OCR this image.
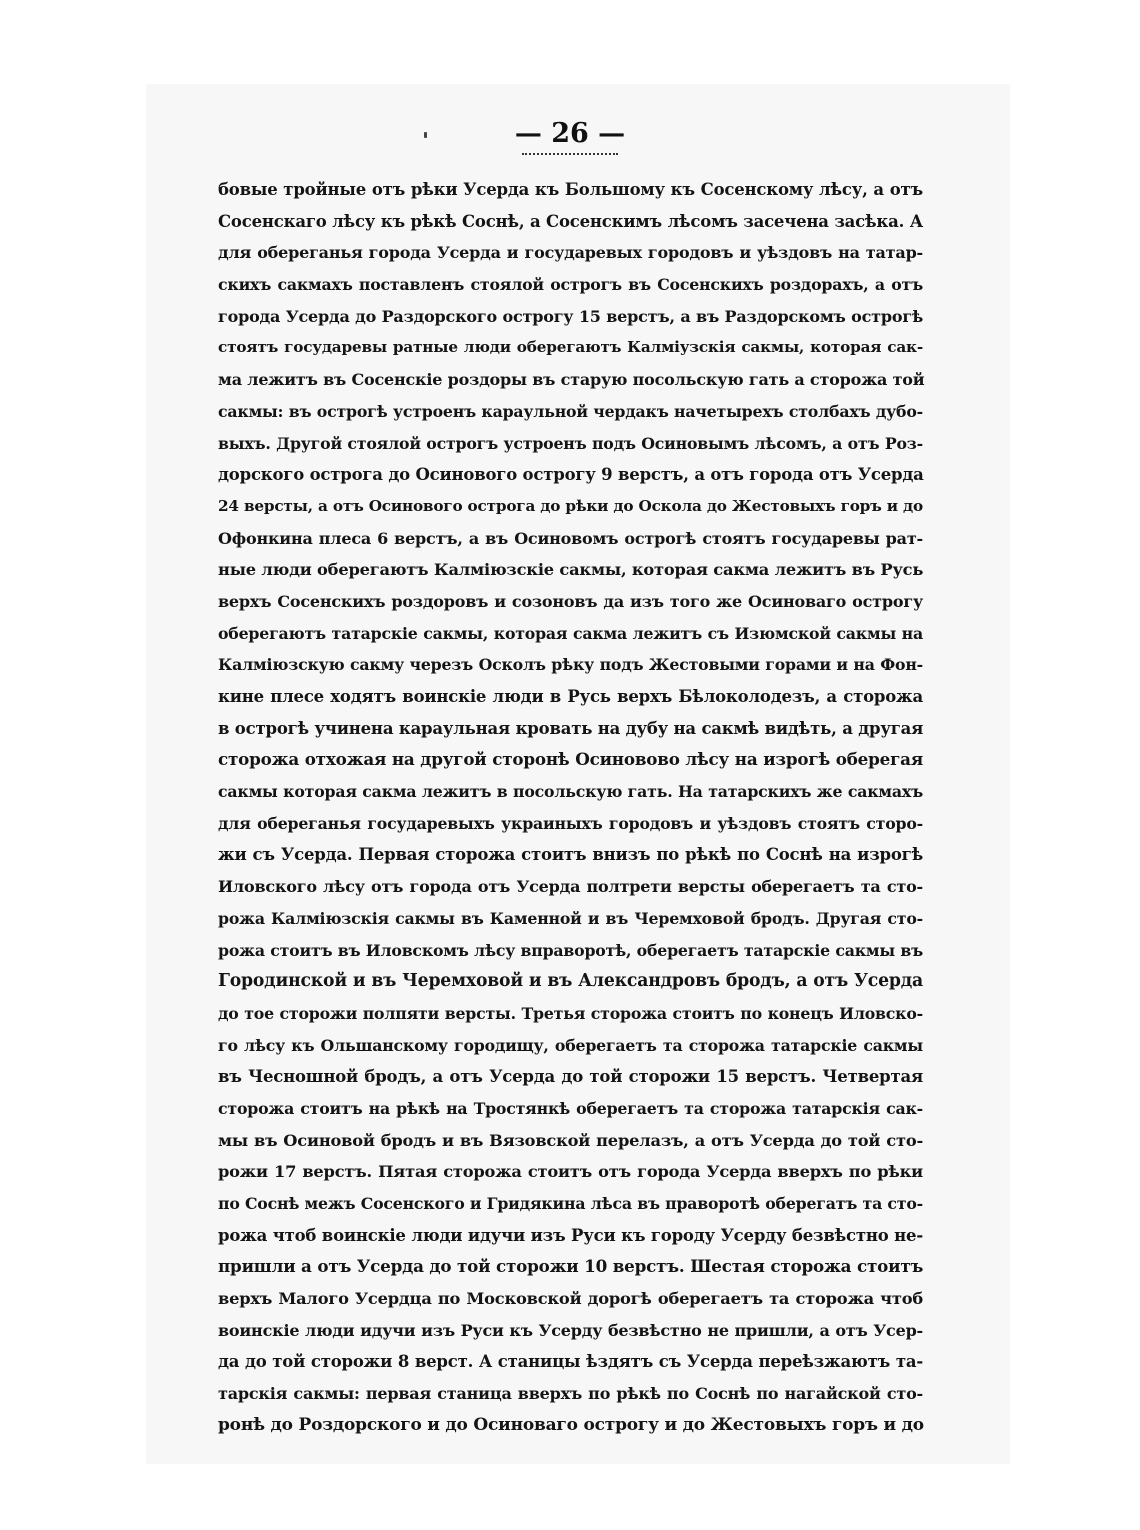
— 26 —
бовые тройные отъ рѣки Усерда къ Большому къ Сосенскому лѣсу, а отъ
Сосенскаго лѣсу къ рѣкѣ Соснѣ, а Сосенскимъ лѣсомъ засечена засѣка. А
для обереганья города Усерда и государевых городовъ и уѣздовъ на татар-
скихъ сакмахъ поставленъ стоялой острогъ въ Сосенскихъ роздорахъ, а отъ
города Усерда до Раздорского острогу 15 верстъ, а въ Раздорскомъ острогѣ
стоятъ государевы ратные люди обeрегаютъ Калміузскія сакмы, которая сак-
ма лежитъ въ Сосенскіе роздоры въ старую посольскую гать а сторожа той
сакмы: въ острогѣ устроенъ караульной чердакъ начетырехъ столбахъ дубо-
выхъ. Другой стоялой острогъ устроенъ подъ Осиновымъ лѣсомъ, а отъ Роз-
дорского острога до Осинового острогу 9 верстъ, а отъ города отъ Усерда
24 версты, а отъ Осинового острога до рѣки до Оскола до Жестовыхъ горъ и до
Офонкина плеса 6 верстъ, а въ Осиновомъ острогѣ стоятъ государевы рат-
ные люди оберегаютъ Калміюзскіе сакмы, которая сакма лежитъ въ Русь
верхъ Сосенскихъ роздоровъ и созоновъ да изъ того же Осиноваго острогу
оберегаютъ татарскіе сакмы, которая сакма лежитъ съ Изюмской сакмы на
Калміюзскую сакму черезъ Осколъ рѣку подъ Жестовыми горами и на Фон-
кине плесе ходятъ воинскіе люди в Русь верхъ Бѣлоколодезъ, а сторожа
в острогѣ учинена караульная кровать на дубу на сакмѣ видѣть, а другая
сторожа отхожая на другой сторонѣ Осиновово лѣсу на изрогѣ оберегая
сакмы которая сакма лежитъ в посольскую гать. На татарскихъ же сакмахъ
для обереганья государевыхъ украиныхъ городовъ и уѣздовъ стоятъ сторо-
жи съ Усерда. Первая сторожа стоитъ внизъ по рѣкѣ по Соснѣ на изрогѣ
Иловского лѣсу отъ города отъ Усерда полтрети версты оберегаетъ та сто-
рожа Калміюзскія сакмы въ Каменной и въ Черемховой бродъ. Другая сто-
рожа стоитъ въ Иловскомъ лѣсу вправоротѣ, оберегаетъ татарскіе сакмы въ
Городинской и въ Черемховой и въ Александровъ бродъ, а отъ Усерда
до тое сторожи полпяти версты. Третья сторожа стоитъ по конецъ Иловско-
го лѣсу къ Ольшанскому городищу, оберегаетъ та сторожа татарскіе сакмы
въ Чесношной бродъ, а отъ Усерда до той сторожи 15 верстъ. Четвертая
сторожа стоитъ на рѣкѣ на Тростянкѣ оберегаетъ та сторожа татарскія сак-
мы въ Осиновой бродъ и въ Вязовской перелазъ, а отъ Усерда до той сто-
рожи 17 верстъ. Пятая сторожа стоитъ отъ города Усерда вверхъ по рѣки
по Соснѣ межъ Сосенского и Гридякина лѣса въ праворотѣ оберегатъ та сто-
рожа чтоб воинскіе люди идучи изъ Руси къ городу Усерду безвѣстно не-
пришли а отъ Усерда до той сторожи 10 верстъ. Шестая сторожа стоитъ
верхъ Малого Усердца по Московской дорогѣ оберегаетъ та сторожа чтоб
воинскіе люди идучи изъ Руси къ Усерду безвѣстно не пришли, а отъ Усер-
да до той сторожи 8 верст. А станицы ѣздятъ съ Усерда переѣзжаютъ та-
тарскія сакмы: первая станица вверхъ по рѣкѣ по Соснѣ по нагайской сто-
ронѣ до Роздорского и до Осиноваго острогу и до Жестовыхъ горъ и до
